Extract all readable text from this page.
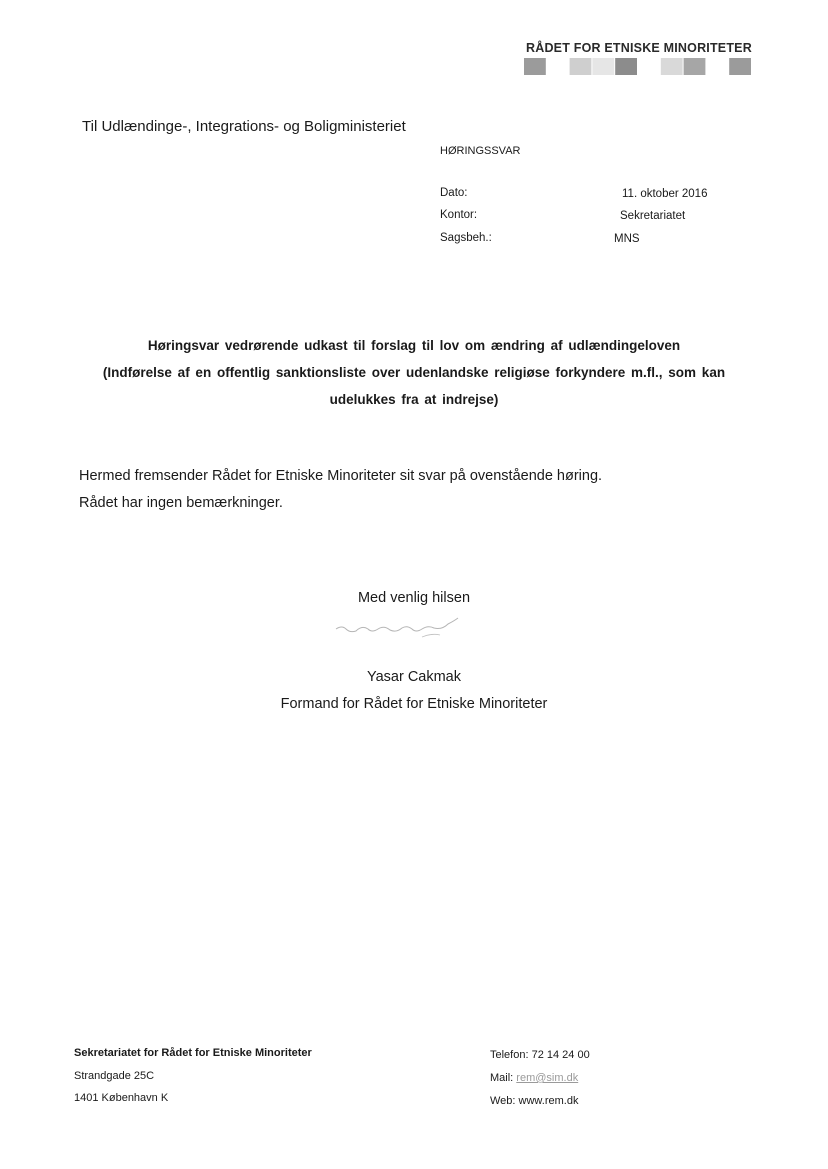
RÅDET FOR ETNISKE MINORITETER
Til Udlændinge-, Integrations- og Boligministeriet
HØRINGSSVAR
Dato:	11. oktober 2016
Kontor:	Sekretariatet
Sagsbeh.:	MNS
Høringsvar vedrørende udkast til forslag til lov om ændring af udlændingeloven
(Indførelse af en offentlig sanktionsliste over udenlandske religiøse forkyndere m.fl., som kan
udelukkes fra at indrejse)
Hermed fremsender Rådet for Etniske Minoriteter sit svar på ovenstående høring.
Rådet har ingen bemærkninger.
Med venlig hilsen
Yasar Cakmak
Formand for Rådet for Etniske Minoriteter
Sekretariatet for Rådet for Etniske Minoriteter
Strandgade 25C
1401 København K
Telefon: 72 14 24 00
Mail: rem@sim.dk
Web: www.rem.dk
